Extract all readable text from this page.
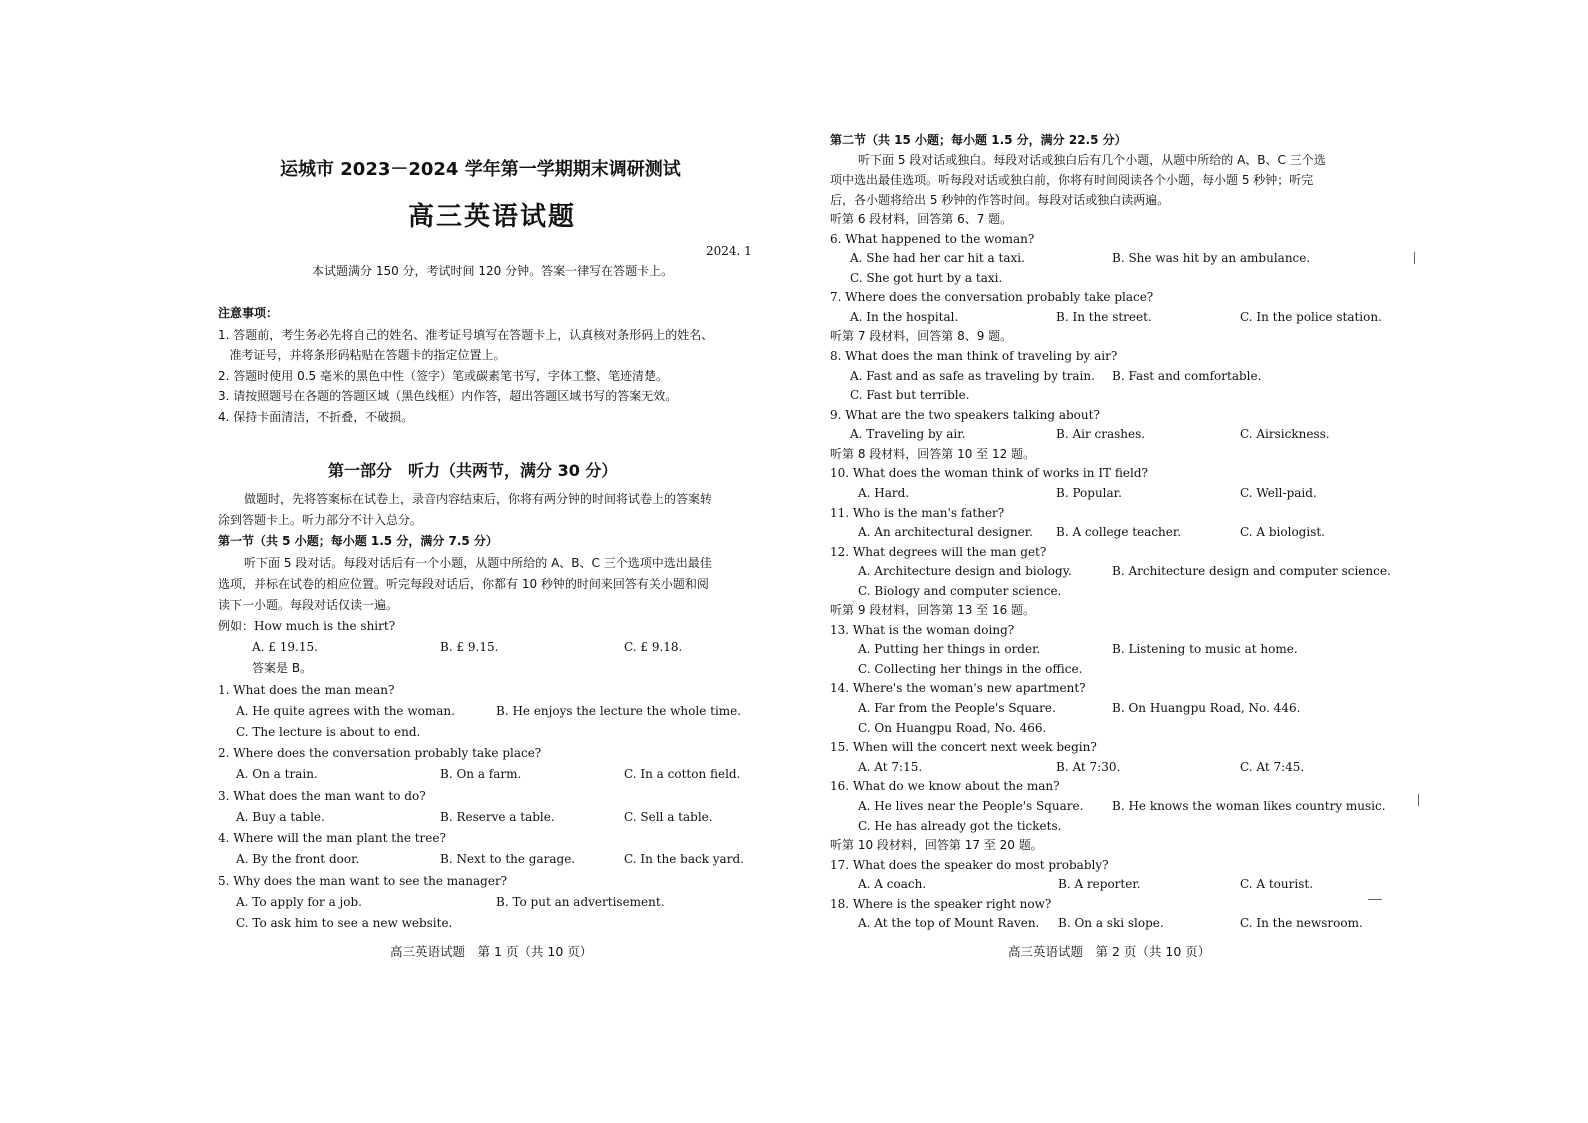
运城市 2023－2024 学年第一学期期末调研测试
高三英语试题
2024. 1
本试题满分 150 分，考试时间 120 分钟。答案一律写在答题卡上。
注意事项：
1. 答题前，考生务必先将自己的姓名、准考证号填写在答题卡上，认真核对条形码上的姓名、
准考证号，并将条形码粘贴在答题卡的指定位置上。
2. 答题时使用 0.5 毫米的黑色中性（签字）笔或碳素笔书写，字体工整、笔迹清楚。
3. 请按照题号在各题的答题区域（黑色线框）内作答，超出答题区域书写的答案无效。
4. 保持卡面清洁，不折叠，不破损。
第一部分　听力（共两节，满分 30 分）
做题时，先将答案标在试卷上，录音内容结束后，你将有两分钟的时间将试卷上的答案转
涂到答题卡上。听力部分不计入总分。
第一节（共 5 小题；每小题 1.5 分，满分 7.5 分）
听下面 5 段对话。每段对话后有一个小题，从题中所给的 A、B、C 三个选项中选出最佳
选项，并标在试卷的相应位置。听完每段对话后，你都有 10 秒钟的时间来回答有关小题和阅
读下一小题。每段对话仅读一遍。
例如：How much is the shirt?
A. £ 19.15.	B. £ 9.15.	C. £ 9.18.
答案是 B。
1. What does the man mean?
A. He quite agrees with the woman.	B. He enjoys the lecture the whole time.
C. The lecture is about to end.
2. Where does the conversation probably take place?
A. On a train.	B. On a farm.	C. In a cotton field.
3. What does the man want to do?
A. Buy a table.	B. Reserve a table.	C. Sell a table.
4. Where will the man plant the tree?
A. By the front door.	B. Next to the garage.	C. In the back yard.
5. Why does the man want to see the manager?
A. To apply for a job.	B. To put an advertisement.
C. To ask him to see a new website.
高三英语试题　第 1 页（共 10 页）
第二节（共 15 小题；每小题 1.5 分，满分 22.5 分）
听下面 5 段对话或独白。每段对话或独白后有几个小题，从题中所给的 A、B、C 三个选
项中选出最佳选项。听每段对话或独白前，你将有时间阅读各个小题，每小题 5 秒钟；听完
后，各小题将给出 5 秒钟的作答时间。每段对话或独白读两遍。
听第 6 段材料，回答第 6、7 题。
6. What happened to the woman?
A. She had her car hit a taxi.	B. She was hit by an ambulance.
C. She got hurt by a taxi.
7. Where does the conversation probably take place?
A. In the hospital.	B. In the street.	C. In the police station.
听第 7 段材料，回答第 8、9 题。
8. What does the man think of traveling by air?
A. Fast and as safe as traveling by train. B. Fast and comfortable.
C. Fast but terrible.
9. What are the two speakers talking about?
A. Traveling by air.	B. Air crashes.	C. Airsickness.
听第 8 段材料，回答第 10 至 12 题。
10. What does the woman think of works in IT field?
A. Hard.	B. Popular.	C. Well-paid.
11. Who is the man's father?
A. An architectural designer. B. A college teacher.	C. A biologist.
12. What degrees will the man get?
A. Architecture design and biology.	B. Architecture design and computer science.
C. Biology and computer science.
听第 9 段材料，回答第 13 至 16 题。
13. What is the woman doing?
A. Putting her things in order.	B. Listening to music at home.
C. Collecting her things in the office.
14. Where's the woman's new apartment?
A. Far from the People's Square.	B. On Huangpu Road, No. 446.
C. On Huangpu Road, No. 466.
15. When will the concert next week begin?
A. At 7:15.	B. At 7:30.	C. At 7:45.
16. What do we know about the man?
A. He lives near the People's Square. B. He knows the woman likes country music.
C. He has already got the tickets.
听第 10 段材料，回答第 17 至 20 题。
17. What does the speaker do most probably?
A. A coach.	B. A reporter.	C. A tourist.
18. Where is the speaker right now?
A. At the top of Mount Raven. B. On a ski slope.	C. In the newsroom.
高三英语试题　第 2 页（共 10 页）
